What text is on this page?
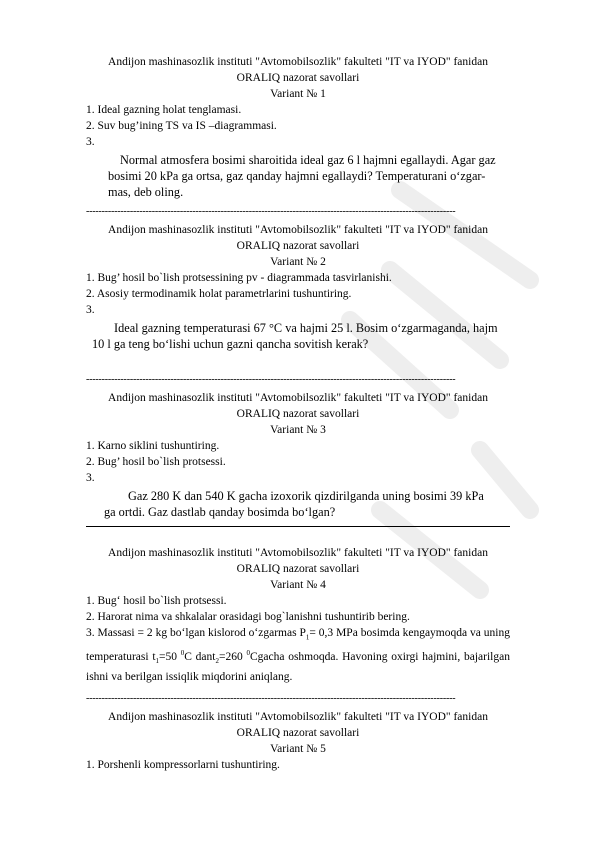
Andijon mashinasozlik instituti "Avtomobilsozlik" fakulteti "IT va IYOD" fanidan
ORALIQ nazorat savollari
Variant № 1
1. Ideal gazning holat tenglamasi.
2. Suv bug’ining TS va IS –diagrammasi.
3.
Normal atmosfera bosimi sharoitida ideal gaz 6 l hajmni egallaydi. Agar gaz
bosimi 20 kPa ga ortsa, gaz qanday hajmni egallaydi? Temperaturani o‘zgar-
mas, deb oling.
----------------------------------------------------------------------------------------------------------------------
Andijon mashinasozlik instituti "Avtomobilsozlik" fakulteti "IT va IYOD" fanidan
ORALIQ nazorat savollari
Variant № 2
1. Bug’ hosil bo`lish protsessining pv - diagrammada tasvirlanishi.
2. Asosiy termodinamik holat parametrlarini tushuntiring.
3.
Ideal gazning temperaturasi 67 °C va hajmi 25 l. Bosim o‘zgarmaganda, hajm
10 l ga teng bo‘lishi uchun gazni qancha sovitish kerak?
----------------------------------------------------------------------------------------------------------------------
Andijon mashinasozlik instituti "Avtomobilsozlik" fakulteti "IT va IYOD" fanidan
ORALIQ nazorat savollari
Variant № 3
1. Karno siklini tushuntiring.
2. Bug’ hosil bo`lish protsessi.
3.
Gaz 280 K dan 540 K gacha izoxorik qizdirilganda uning bosimi 39 kPa
ga ortdi. Gaz dastlab qanday bosimda bo‘lgan?
Andijon mashinasozlik instituti "Avtomobilsozlik" fakulteti "IT va IYOD" fanidan
ORALIQ nazorat savollari
Variant № 4
1. Bug‘ hosil bo`lish protsessi.
2. Harorat nima va shkalalar orasidagi bog`lanishni tushuntirib bering.
3. Massasi = 2 kg bo‘lgan kislorod o‘zgarmas $P_1= 0,3$ MPa bosimda kengaymoqda va uning temperaturasi $t_1=50$ $^0$C dant$_2$=260 $^0$Cgacha oshmoqda. Havoning oxirgi hajmini, bajarilgan ishni va berilgan issiqlik miqdorini aniqlang.
----------------------------------------------------------------------------------------------------------------------
Andijon mashinasozlik instituti "Avtomobilsozlik" fakulteti "IT va IYOD" fanidan
ORALIQ nazorat savollari
Variant № 5
1. Porshenli kompressorlarni tushuntiring.
